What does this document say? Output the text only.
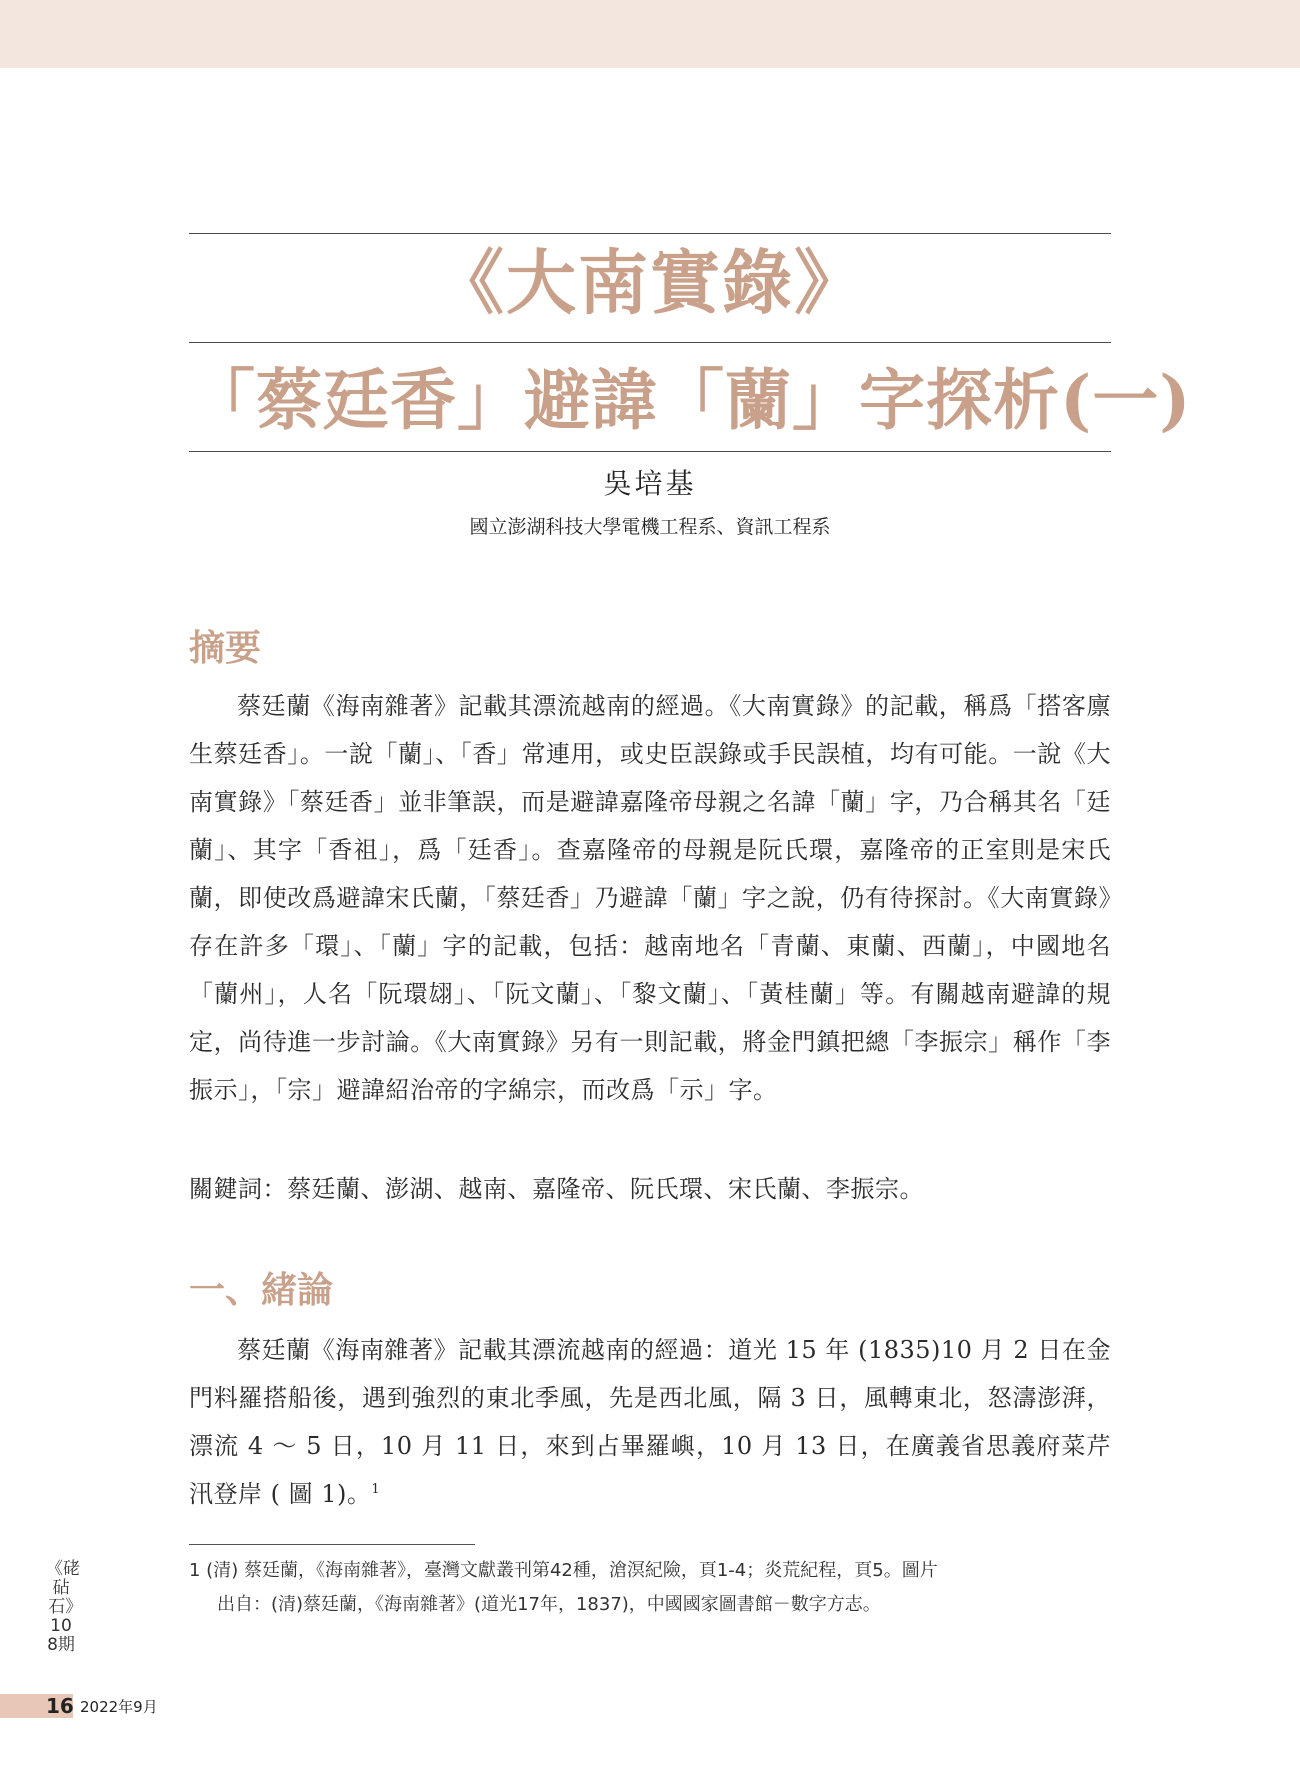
《大南實錄》
「蔡廷香」避諱「蘭」字探析(一)
吳培基
國立澎湖科技大學電機工程系、資訊工程系
摘要

蔡廷蘭《海南雜著》記載其漂流越南的經過。《大南實錄》的記載，稱爲「搭客廪生蔡廷香」。一說「蘭」、「香」常連用，或史臣誤錄或手民誤植，均有可能。一說《大南實錄》「蔡廷香」並非筆誤，而是避諱嘉隆帝母親之名諱「蘭」字，乃合稱其名「廷蘭」、其字「香祖」，爲「廷香」。查嘉隆帝的母親是阮氏環，嘉隆帝的正室則是宋氏蘭，即使改爲避諱宋氏蘭，「蔡廷香」乃避諱「蘭」字之說，仍有待探討。《大南實錄》存在許多「環」、「蘭」字的記載，包括：越南地名「青蘭、東蘭、西蘭」，中國地名「蘭州」，人名「阮環翃」、「阮文蘭」、「黎文蘭」、「黃桂蘭」等。有關越南避諱的規定，尚待進一步討論。《大南實錄》另有一則記載，將金門鎮把總「李振宗」稱作「李振示」，「宗」避諱紹治帝的字綿宗，而改爲「示」字。

關鍵詞：蔡廷蘭、澎湖、越南、嘉隆帝、阮氏環、宋氏蘭、李振宗。

一、緒論

蔡廷蘭《海南雜著》記載其漂流越南的經過：道光 15 年 (1835)10 月 2 日在金門料羅搭船後，遇到強烈的東北季風，先是西北風，隔 3 日，風轉東北，怒濤澎湃，漂流 4 ～ 5 日，10 月 11 日，來到占畢羅嶼，10 月 13 日，在廣義省思義府菜芹汛登岸 ( 圖 1)。$^1$

1 (清) 蔡廷蘭，《海南雜著》，臺灣文獻叢刊第42種，滄溟紀險，頁1-4；炎荒紀程，頁5。圖片
出自：(清)蔡廷蘭，《海南雜著》(道光17年，1837)，中國國家圖書館－數字方志。
《硓砧石》108期
16 2022年9月
